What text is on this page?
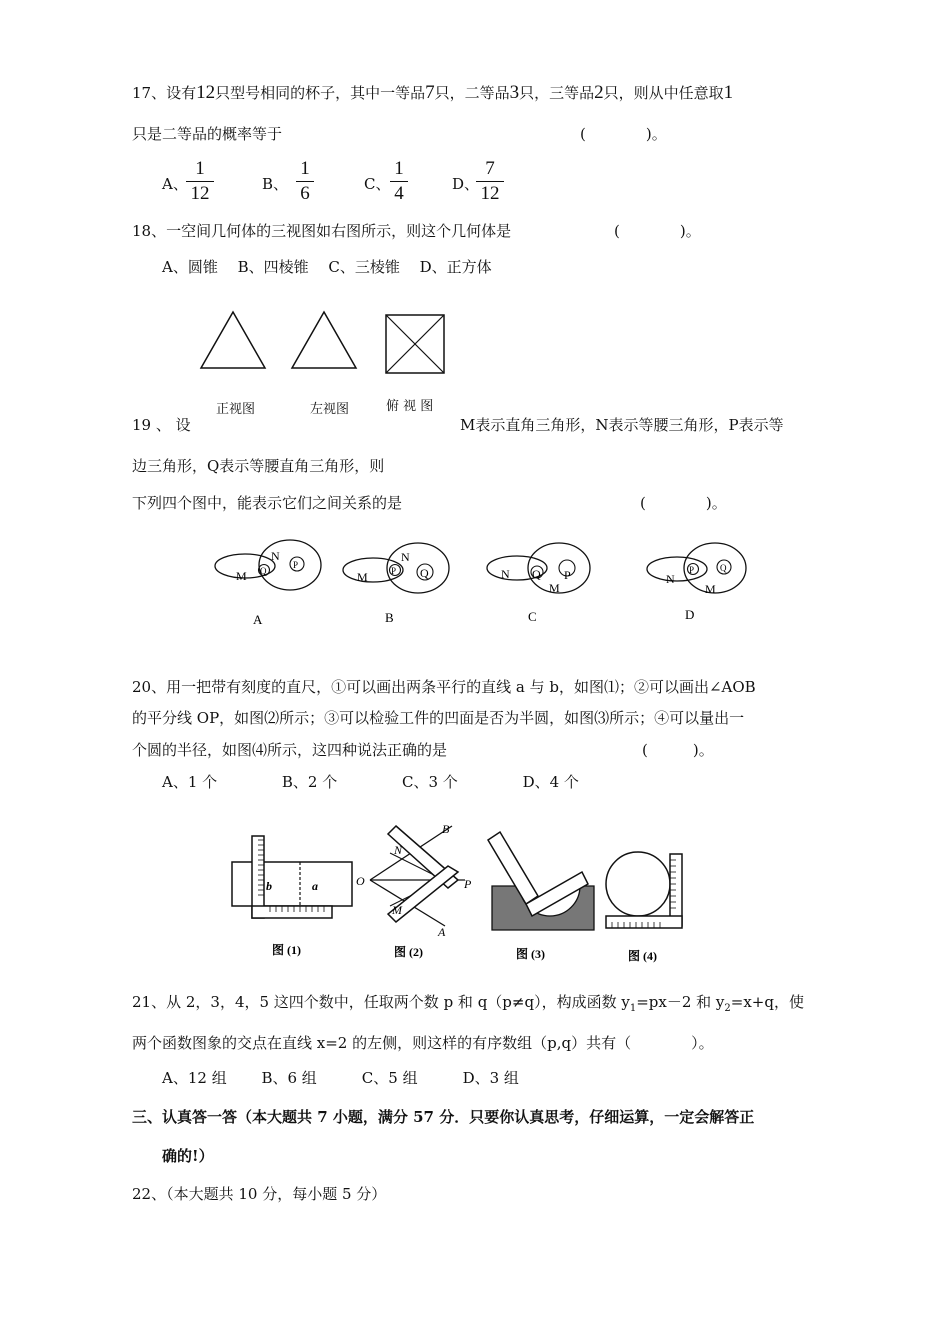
17、设有12只型号相同的杯子，其中一等品7只，二等品3只，三等品2只，则从中任意取1
只是二等品的概率等于	(　　　　)。
A、
1
12	B、
1
6	C、
1
4	D、
7
12
18、一空间几何体的三视图如右图所示，则这个几何体是	(　　　　)。
A、圆锥　 B、四棱锥　 C、三棱锥　 D、正方体
正视图	左视图	俯 视 图
19 、 设	M表示直角三角形，N表示等腰三角形，P表示等
边三角形，Q表示等腰直角三角形，则
下列四个图中，能表示它们之间关系的是	(　　　　)。
M Q
N
P
M	P
N
Q	N Q P
M
N
P	Q
M
A	B	C	D
20、用一把带有刻度的直尺，①可以画出两条平行的直线 a 与 b，如图⑴；②可以画出∠AOB
的平分线 OP，如图⑵所示；③可以检验工件的凹面是否为半圆，如图⑶所示；④可以量出一
个圆的半径，如图⑷所示，这四种说法正确的是	(　　　)。
A、1 个　　　　 B、2 个　　　　 C、3 个　　　　 D、4 个
b	a	O
B
N
P
M
A
图 (1)	图 (2)	图 (3)	图 (4)
21、从 2，3，4，5 这四个数中，任取两个数 p 和 q（p≠q），构成函数 $y_1=px-2$ 和 $y_2=x+q$，使
两个函数图象的交点在直线 x=2 的左侧，则这样的有序数组（p,q）共有（　　　　）。
A、12 组　　 B、6 组　　　C、5 组　　　D、3 组
三、认真答一答（本大题共 7 小题，满分 57 分．只要你认真思考，仔细运算，一定会解答正
确的!）
22、（本大题共 10 分，每小题 5 分）
